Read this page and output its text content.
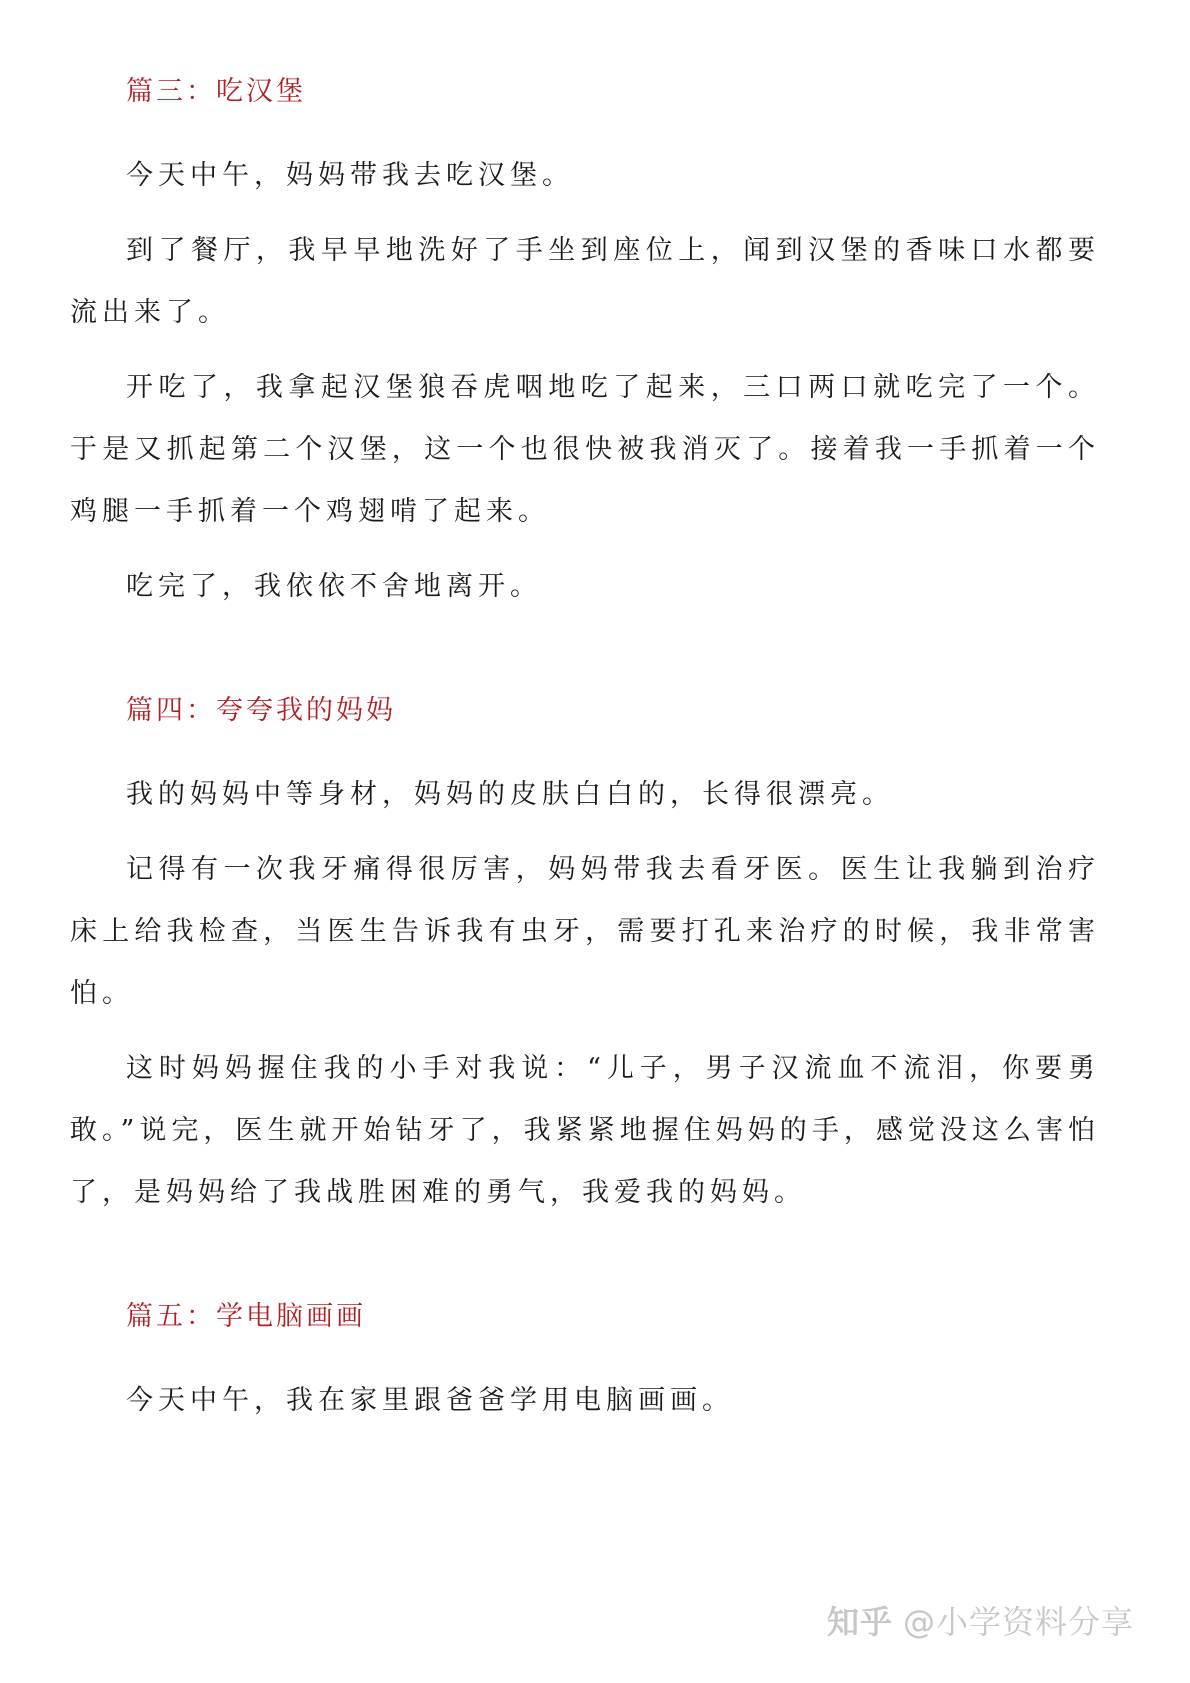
篇三：吃汉堡

今天中午，妈妈带我去吃汉堡。

到了餐厅，我早早地洗好了手坐到座位上，闻到汉堡的香味口水都要流出来了。

开吃了，我拿起汉堡狼吞虎咽地吃了起来，三口两口就吃完了一个。于是又抓起第二个汉堡，这一个也很快被我消灭了。接着我一手抓着一个鸡腿一手抓着一个鸡翅啃了起来。

吃完了，我依依不舍地离开。

篇四：夸夸我的妈妈

我的妈妈中等身材，妈妈的皮肤白白的，长得很漂亮。

记得有一次我牙痛得很厉害，妈妈带我去看牙医。医生让我躺到治疗床上给我检查，当医生告诉我有虫牙，需要打孔来治疗的时候，我非常害怕。

这时妈妈握住我的小手对我说：“儿子，男子汉流血不流泪，你要勇敢。”说完，医生就开始钻牙了，我紧紧地握住妈妈的手，感觉没这么害怕了，是妈妈给了我战胜困难的勇气，我爱我的妈妈。

篇五：学电脑画画

今天中午，我在家里跟爸爸学用电脑画画。

知乎 @小学资料分享
